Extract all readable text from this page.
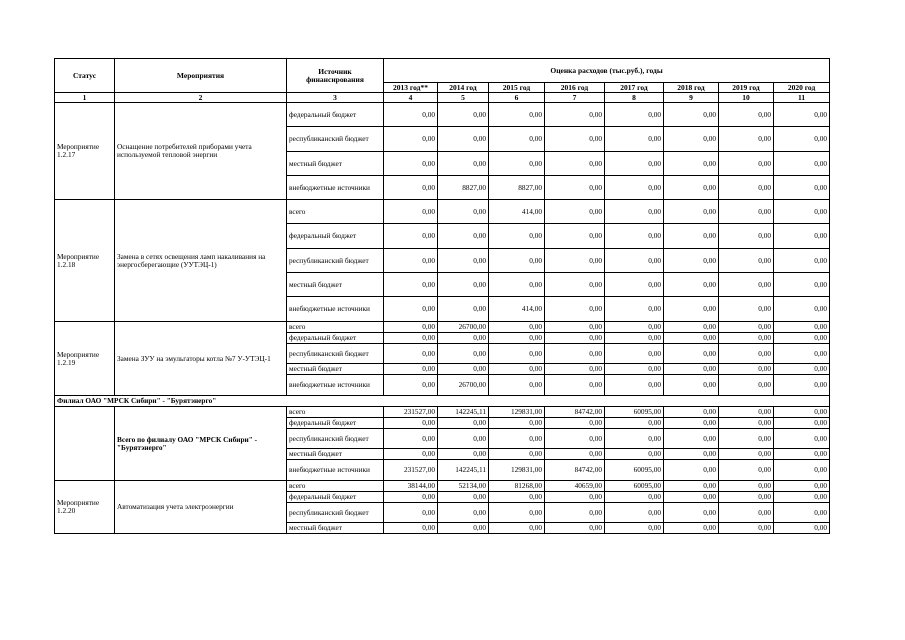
Статус	Мероприятия	Источник финансирования	Оценка расходов (тыс.руб.), годы							
			2013 год**	2014 год	2015 год	2016 год	2017 год	2018 год	2019 год	2020 год
1	2	3	4	5	6	7	8	9	10	11
Мероприятие 1.2.17	Оснащение потребителей приборами учета используемой тепловой энергии	федеральный бюджет	0,00	0,00	0,00	0,00	0,00	0,00	0,00	0,00
		республиканский бюджет	0,00	0,00	0,00	0,00	0,00	0,00	0,00	0,00
		местный бюджет	0,00	0,00	0,00	0,00	0,00	0,00	0,00	0,00
		внебюджетные источники	0,00	8827,00	8827,00	0,00	0,00	0,00	0,00	0,00
Мероприятие 1.2.18	Замена в сетях освещения ламп накаливания на энергосберегающие (УУТЭЦ-1)	всего	0,00	0,00	414,00	0,00	0,00	0,00	0,00	0,00
		федеральный бюджет	0,00	0,00	0,00	0,00	0,00	0,00	0,00	0,00
		республиканский бюджет	0,00	0,00	0,00	0,00	0,00	0,00	0,00	0,00
		местный бюджет	0,00	0,00	0,00	0,00	0,00	0,00	0,00	0,00
		внебюджетные источники	0,00	0,00	414,00	0,00	0,00	0,00	0,00	0,00
Мероприятие 1.2.19	Замена ЗУУ на эмульгаторы котла №7 У-УТЭЦ-1	всего	0,00	26700,00	0,00	0,00	0,00	0,00	0,00	0,00
		федеральный бюджет	0,00	0,00	0,00	0,00	0,00	0,00	0,00	0,00
		республиканский бюджет	0,00	0,00	0,00	0,00	0,00	0,00	0,00	0,00
		местный бюджет	0,00	0,00	0,00	0,00	0,00	0,00	0,00	0,00
		внебюджетные источники	0,00	26700,00	0,00	0,00	0,00	0,00	0,00	0,00
Филиал ОАО "МРСК Сибири" - "Бурятэнерго"										
	Всего по филиалу ОАО "МРСК Сибири" - "Бурятэнерго"	всего	231527,00	142245,11	129831,00	84742,00	60095,00	0,00	0,00	0,00
		федеральный бюджет	0,00	0,00	0,00	0,00	0,00	0,00	0,00	0,00
		республиканский бюджет	0,00	0,00	0,00	0,00	0,00	0,00	0,00	0,00
		местный бюджет	0,00	0,00	0,00	0,00	0,00	0,00	0,00	0,00
		внебюджетные источники	231527,00	142245,11	129831,00	84742,00	60095,00	0,00	0,00	0,00
Мероприятие 1.2.20	Автоматизация учета электроэнергии	всего	38144,00	52134,00	81268,00	40659,00	60095,00	0,00	0,00	0,00
		федеральный бюджет	0,00	0,00	0,00	0,00	0,00	0,00	0,00	0,00
		республиканский бюджет	0,00	0,00	0,00	0,00	0,00	0,00	0,00	0,00
		местный бюджет	0,00	0,00	0,00	0,00	0,00	0,00	0,00	0,00
